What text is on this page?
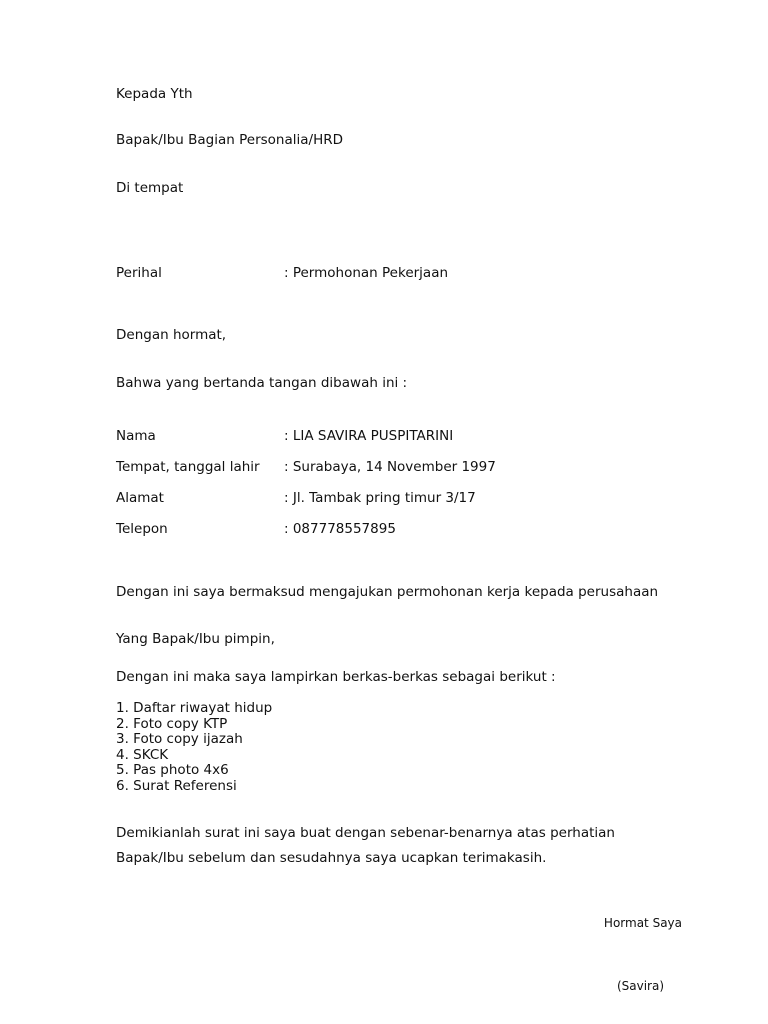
Kepada Yth
Bapak/Ibu Bagian Personalia/HRD
Di tempat
Perihal	: Permohonan Pekerjaan
Dengan hormat,
Bahwa yang bertanda tangan dibawah ini :
Nama	: LIA SAVIRA PUSPITARINI
Tempat, tanggal lahir : Surabaya, 14 November 1997
Alamat	: Jl. Tambak pring timur 3/17
Telepon	: 087778557895
Dengan ini saya bermaksud mengajukan permohonan kerja kepada perusahaan
Yang Bapak/Ibu pimpin,
Dengan ini maka saya lampirkan berkas-berkas sebagai berikut :
1. Daftar riwayat hidup
2. Foto copy KTP
3. Foto copy ijazah
4. SKCK
5. Pas photo 4x6
6. Surat Referensi
Demikianlah surat ini saya buat dengan sebenar-benarnya atas perhatian
Bapak/Ibu sebelum dan sesudahnya saya ucapkan terimakasih.
Hormat Saya
(Savira)
